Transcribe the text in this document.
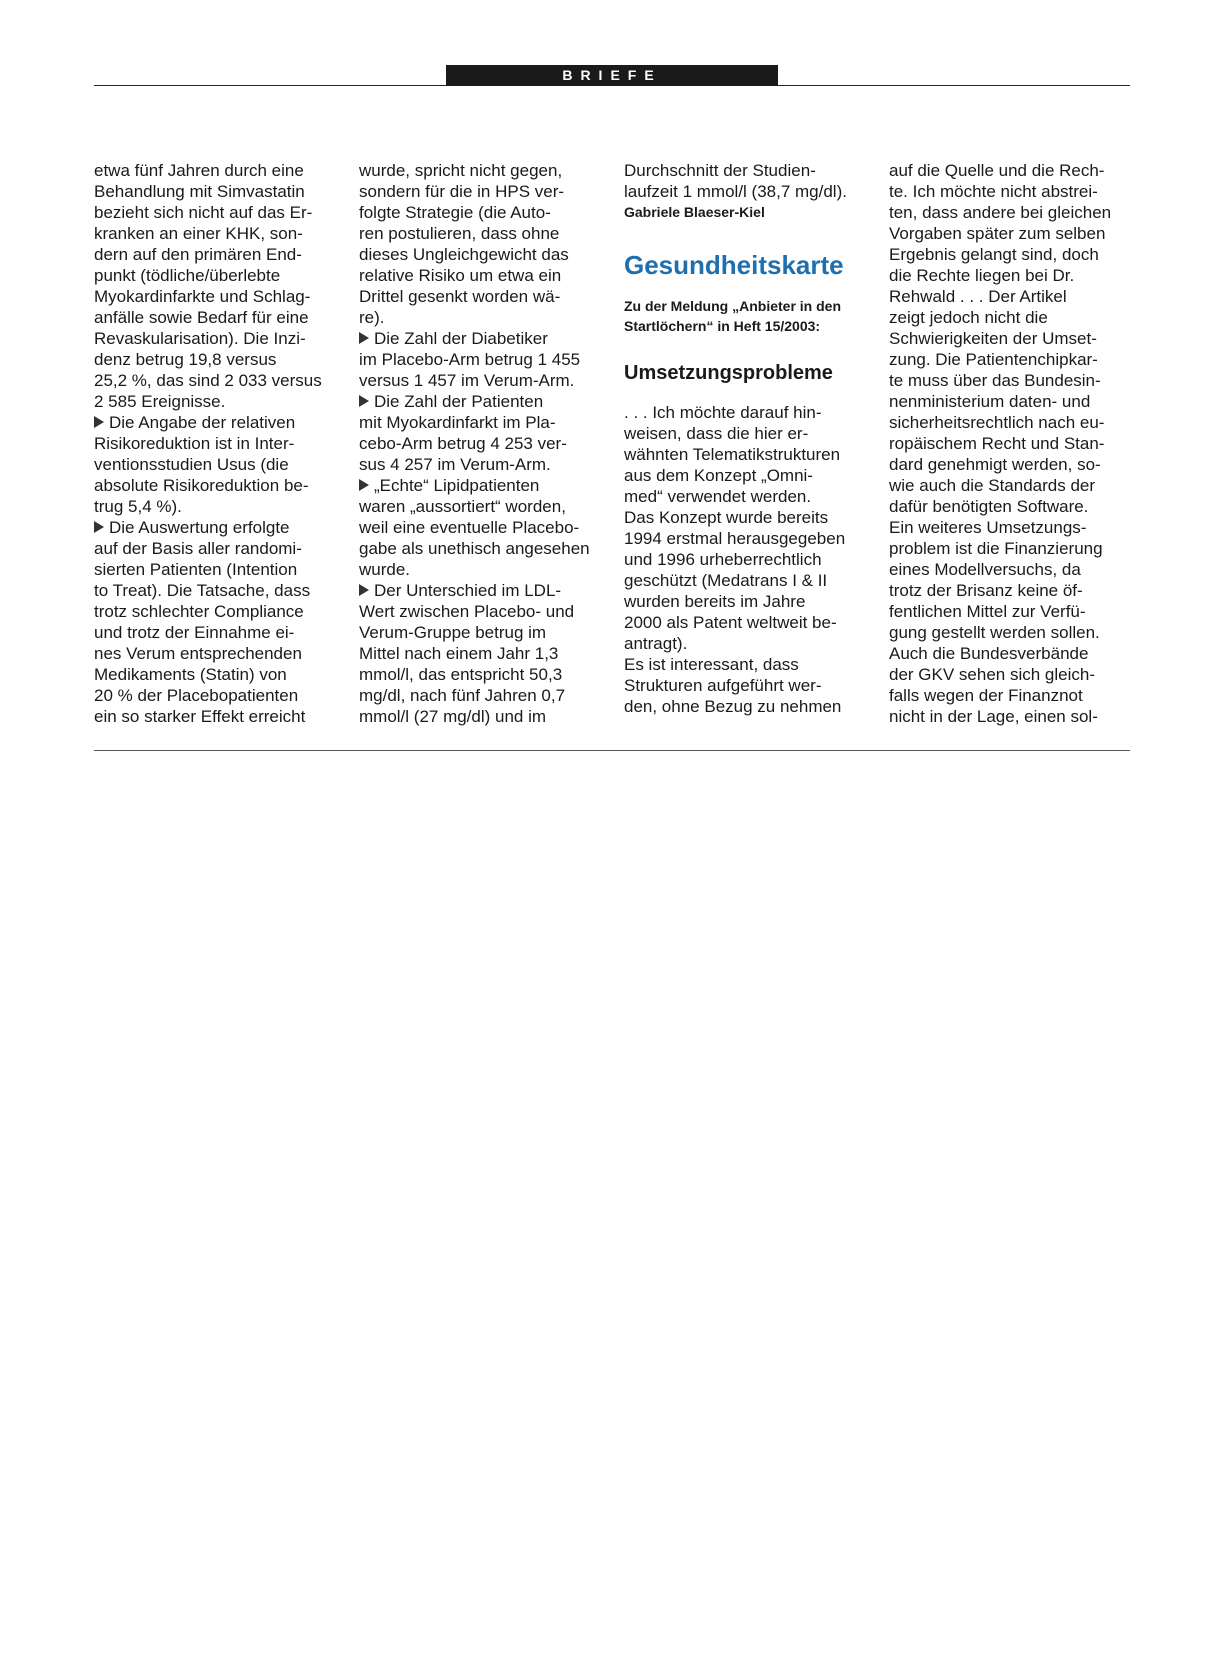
BRIEFE
etwa fünf Jahren durch eine
Behandlung mit Simvastatin
bezieht sich nicht auf das Er-
kranken an einer KHK, son-
dern auf den primären End-
punkt (tödliche/überlebte
Myokardinfarkte und Schlag-
anfälle sowie Bedarf für eine
Revaskularisation). Die Inzi-
denz betrug 19,8 versus
25,2 %, das sind 2 033 versus
2 585 Ereignisse.
Die Angabe der relativen
Risikoreduktion ist in Inter-
ventionsstudien Usus (die
absolute Risikoreduktion be-
trug 5,4 %).
Die Auswertung erfolgte
auf der Basis aller randomi-
sierten Patienten (Intention
to Treat). Die Tatsache, dass
trotz schlechter Compliance
und trotz der Einnahme ei-
nes Verum entsprechenden
Medikaments (Statin) von
20 % der Placebopatienten
ein so starker Effekt erreicht
wurde, spricht nicht gegen,
sondern für die in HPS ver-
folgte Strategie (die Auto-
ren postulieren, dass ohne
dieses Ungleichgewicht das
relative Risiko um etwa ein
Drittel gesenkt worden wä-
re).
Die Zahl der Diabetiker
im Placebo-Arm betrug 1 455
versus 1 457 im Verum-Arm.
Die Zahl der Patienten
mit Myokardinfarkt im Pla-
cebo-Arm betrug 4 253 ver-
sus 4 257 im Verum-Arm.
„Echte“ Lipidpatienten
waren „aussortiert“ worden,
weil eine eventuelle Placebo-
gabe als unethisch angesehen
wurde.
Der Unterschied im LDL-
Wert zwischen Placebo- und
Verum-Gruppe betrug im
Mittel nach einem Jahr 1,3
mmol/l, das entspricht 50,3
mg/dl, nach fünf Jahren 0,7
mmol/l (27 mg/dl) und im
Durchschnitt der Studien-
laufzeit 1 mmol/l (38,7 mg/dl).
Gabriele Blaeser-Kiel
Gesundheitskarte
Zu der Meldung „Anbieter in den Startlöchern“ in Heft 15/2003:
Umsetzungsprobleme
. . . Ich möchte darauf hin-
weisen, dass die hier er-
wähnten Telematikstrukturen
aus dem Konzept „Omni-
med“ verwendet werden.
Das Konzept wurde bereits
1994 erstmal herausgegeben
und 1996 urheberrechtlich
geschützt (Medatrans I & II
wurden bereits im Jahre
2000 als Patent weltweit be-
antragt).
Es ist interessant, dass
Strukturen aufgeführt wer-
den, ohne Bezug zu nehmen
auf die Quelle und die Rech-
te. Ich möchte nicht abstrei-
ten, dass andere bei gleichen
Vorgaben später zum selben
Ergebnis gelangt sind, doch
die Rechte liegen bei Dr.
Rehwald . . . Der Artikel
zeigt jedoch nicht die
Schwierigkeiten der Umset-
zung. Die Patientenchipkar-
te muss über das Bundesin-
nenministerium daten- und
sicherheitsrechtlich nach eu-
ropäischem Recht und Stan-
dard genehmigt werden, so-
wie auch die Standards der
dafür benötigten Software.
Ein weiteres Umsetzungs-
problem ist die Finanzierung
eines Modellversuchs, da
trotz der Brisanz keine öf-
fentlichen Mittel zur Verfü-
gung gestellt werden sollen.
Auch die Bundesverbände
der GKV sehen sich gleich-
falls wegen der Finanznot
nicht in der Lage, einen sol-
